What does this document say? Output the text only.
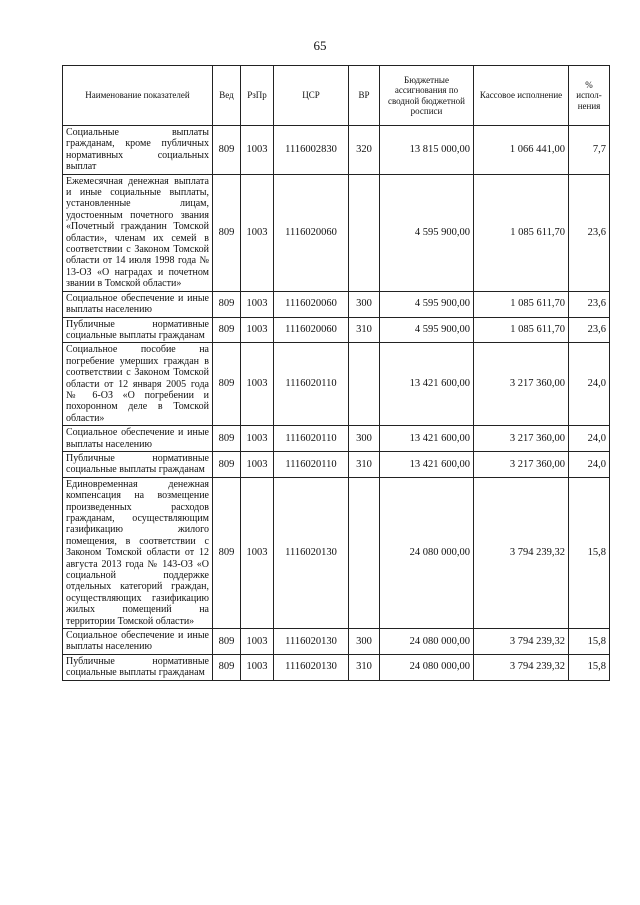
65
Наименование показателей	Вед	РзПр	ЦСР	ВР	Бюджетные ассигнования по сводной бюджетной росписи	Кассовое исполнение	% испол-нения
Социальные выплаты гражданам, кроме публичных нормативных социальных выплат	809	1003	1116002830	320	13 815 000,00	1 066 441,00	7,7
Ежемесячная денежная выплата и иные социальные выплаты, установленные лицам, удостоенным почетного звания «Почетный гражданин Томской области», членам их семей в соответствии с Законом Томской области от 14 июля 1998 года № 13-ОЗ «О наградах и почетном звании в Томской области»	809	1003	1116020060		4 595 900,00	1 085 611,70	23,6
Социальное обеспечение и иные выплаты населению	809	1003	1116020060	300	4 595 900,00	1 085 611,70	23,6
Публичные нормативные социальные выплаты гражданам	809	1003	1116020060	310	4 595 900,00	1 085 611,70	23,6
Социальное пособие на погребение умерших граждан в соответствии с Законом Томской области от 12 января 2005 года № 6-ОЗ «О погребении и похоронном деле в Томской области»	809	1003	1116020110		13 421 600,00	3 217 360,00	24,0
Социальное обеспечение и иные выплаты населению	809	1003	1116020110	300	13 421 600,00	3 217 360,00	24,0
Публичные нормативные социальные выплаты гражданам	809	1003	1116020110	310	13 421 600,00	3 217 360,00	24,0
Единовременная денежная компенсация на возмещение произведенных расходов гражданам, осуществляющим газификацию жилого помещения, в соответствии с Законом Томской области от 12 августа 2013 года № 143-ОЗ «О социальной поддержке отдельных категорий граждан, осуществляющих газификацию жилых помещений на территории Томской области»	809	1003	1116020130		24 080 000,00	3 794 239,32	15,8
Социальное обеспечение и иные выплаты населению	809	1003	1116020130	300	24 080 000,00	3 794 239,32	15,8
Публичные нормативные социальные выплаты гражданам	809	1003	1116020130	310	24 080 000,00	3 794 239,32	15,8
